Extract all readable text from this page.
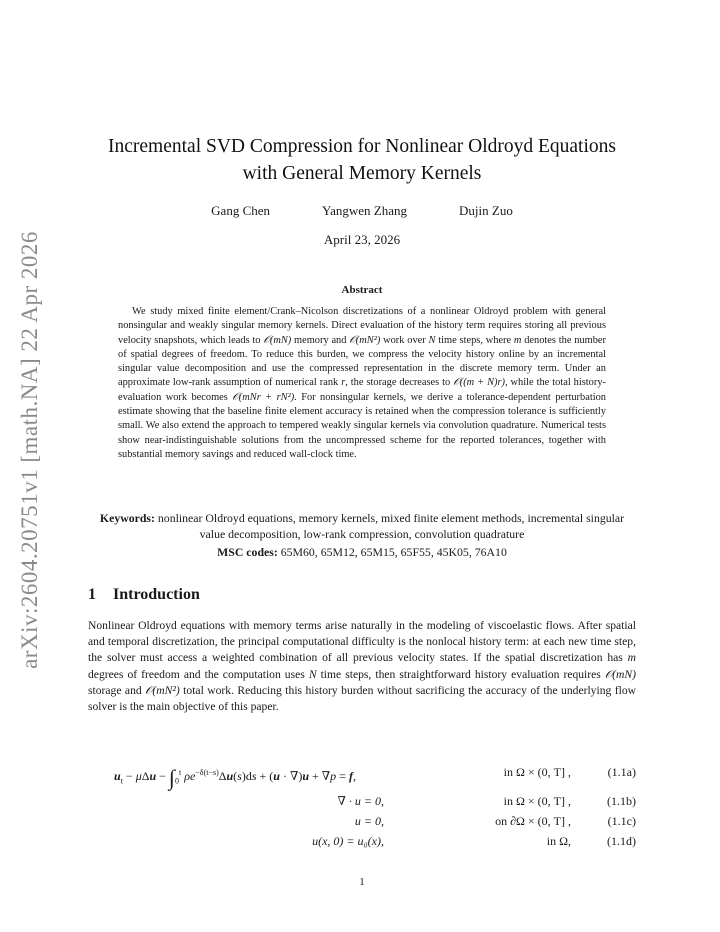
arXiv:2604.20751v1 [math.NA] 22 Apr 2026
Incremental SVD Compression for Nonlinear Oldroyd Equations
with General Memory Kernels
Gang Chen	Yangwen Zhang	Dujin Zuo
April 23, 2026
Abstract

We study mixed finite element/Crank–Nicolson discretizations of a nonlinear Oldroyd problem with general nonsingular and weakly singular memory kernels. Direct evaluation of the history term requires storing all previous velocity snapshots, which leads to 𝒪(mN) memory and 𝒪(mN²) work over N time steps, where m denotes the number of spatial degrees of freedom. To reduce this burden, we compress the velocity history online by an incremental singular value decomposition and use the compressed representation in the discrete memory term. Under an approximate low-rank assumption of numerical rank r, the storage decreases to 𝒪((m + N)r), while the total history-evaluation work becomes 𝒪(mNr + rN²). For nonsingular kernels, we derive a tolerance-dependent perturbation estimate showing that the baseline finite element accuracy is retained when the compression tolerance is sufficiently small. We also extend the approach to tempered weakly singular kernels via convolution quadrature. Numerical tests show near-indistinguishable solutions from the uncompressed scheme for the reported tolerances, together with substantial memory savings and reduced wall-clock time.

Keywords: nonlinear Oldroyd equations, memory kernels, mixed finite element methods, incremental singular value decomposition, low-rank compression, convolution quadrature

MSC codes: 65M60, 65M12, 65M15, 65F55, 45K05, 76A10
1 Introduction

Nonlinear Oldroyd equations with memory terms arise naturally in the modeling of viscoelastic flows. After spatial and temporal discretization, the principal computational difficulty is the nonlocal history term: at each new time step, the solver must access a weighted combination of all previous velocity states. If the spatial discretization has m degrees of freedom and the computation uses N time steps, then straightforward history evaluation requires 𝒪(mN) storage and 𝒪(mN²) total work. Reducing this history burden without sacrificing the accuracy of the underlying flow solver is the main objective of this paper.

$u_t - \mu\Delta u - \int_0^t$ $\rho e^{-\delta(t-s)}\Delta u(s)ds + (u \cdot \nabla)u + \nabla p = f$,	in Ω × (0, T] ,	(1.1a)
∇ · u = 0,	in Ω × (0, T] ,	(1.1b)
u = 0,	on ∂Ω × (0, T] ,	(1.1c)
u(x, 0) = u₀(x),	in Ω,	(1.1d)
1
